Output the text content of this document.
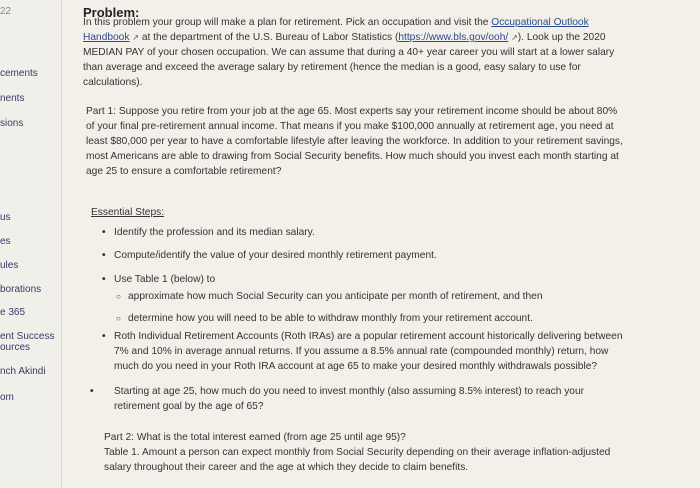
22
cements
nents
sions
us
es
ules
borations
e 365
ent Success
ources
nch Akindi
om
Problem:
In this problem your group will make a plan for retirement. Pick an occupation and visit the Occupational Outlook Handbook ↗ at the department of the U.S. Bureau of Labor Statistics (https://www.bls.gov/ooh/ ↗). Look up the 2020 MEDIAN PAY of your chosen occupation. We can assume that during a 40+ year career you will start at a lower salary than average and exceed the average salary by retirement (hence the median is a good, easy salary to use for calculations).
Part 1: Suppose you retire from your job at the age 65. Most experts say your retirement income should be about 80% of your final pre-retirement annual income. That means if you make $100,000 annually at retirement age, you need at least $80,000 per year to have a comfortable lifestyle after leaving the workforce. In addition to your retirement savings, most Americans are able to drawing from Social Security benefits. How much should you invest each month starting at age 25 to ensure a comfortable retirement?
Essential Steps:
• Identify the profession and its median salary.
• Compute/identify the value of your desired monthly retirement payment.
• Use Table 1 (below) to
○ approximate how much Social Security can you anticipate per month of retirement, and then
○ determine how you will need to be able to withdraw monthly from your retirement account.
• Roth Individual Retirement Accounts (Roth IRAs) are a popular retirement account historically delivering between 7% and 10% in average annual returns. If you assume a 8.5% annual rate (compounded monthly) return, how much do you need in your Roth IRA account at age 65 to make your desired monthly withdrawals possible?
• Starting at age 25, how much do you need to invest monthly (also assuming 8.5% interest) to reach your retirement goal by the age of 65?
Part 2: What is the total interest earned (from age 25 until age 95)?
Table 1. Amount a person can expect monthly from Social Security depending on their average inflation-adjusted salary throughout their career and the age at which they decide to claim benefits.
